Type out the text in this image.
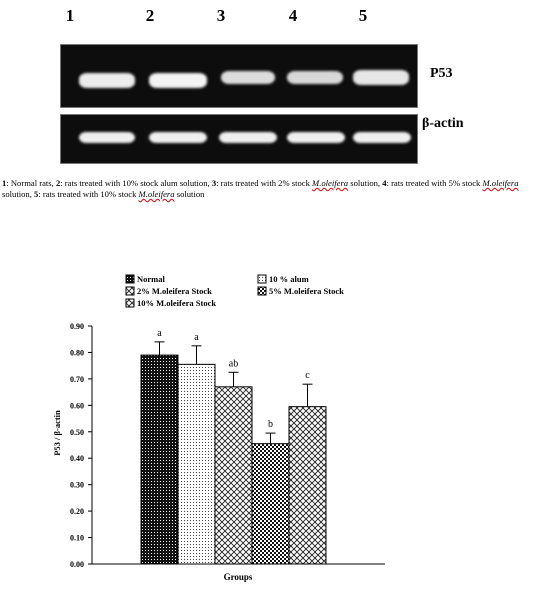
1	2	3	4	5
P53
β-actin
1: Normal rats, 2: rats treated with 10% stock alum solution, 3: rats treated with 2% stock M.oleifera solution, 4: rats treated with 5% stock M.oleifera solution, 5: rats treated with 10% stock M.oleifera solution
Normal	10 % alum
2% M.oleifera Stock	5% M.oleifera Stock
10% M.oleifera Stock
0.00
0.10
0.20
0.30
0.40
0.50
0.60
0.70
0.80
0.90
a	a
ab
b
c
P53 / β-actin
Groups
